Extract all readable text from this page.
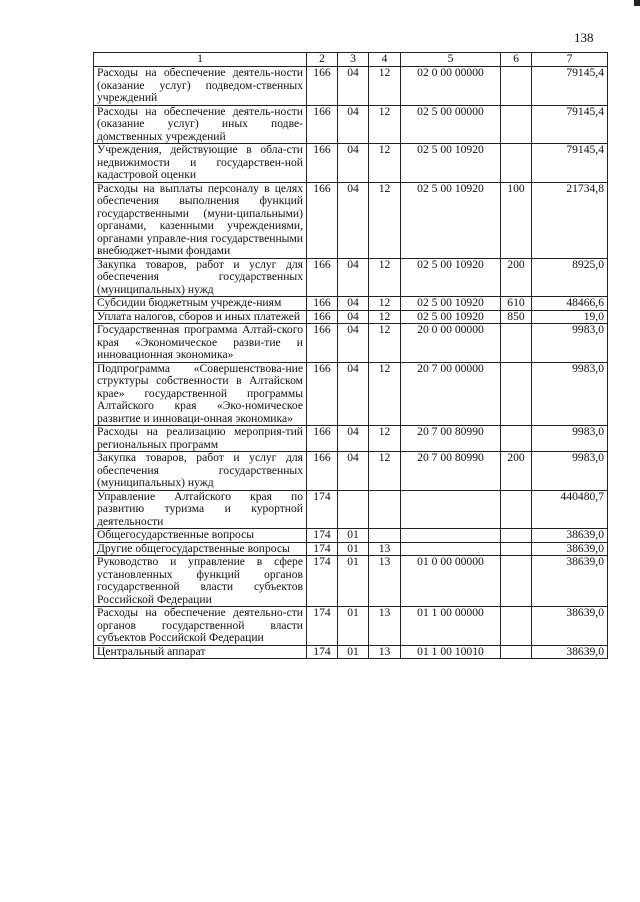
138
1	2	3	4	5	6	7
Расходы на обеспечение деятель-ности (оказание услуг) подведом-ственных учреждений	166	04	12	02 0 00 00000		79145,4
Расходы на обеспечение деятель-ности (оказание услуг) иных подве-домственных учреждений	166	04	12	02 5 00 00000		79145,4
Учреждения, действующие в обла-сти недвижимости и государствен-ной кадастровой оценки	166	04	12	02 5 00 10920		79145,4
Расходы на выплаты персоналу в целях обеспечения выполнения функций государственными (муни-ципальными) органами, казенными учреждениями, органами управле-ния государственными внебюджет-ными фондами	166	04	12	02 5 00 10920	100	21734,8
Закупка товаров, работ и услуг для обеспечения государственных (муниципальных) нужд	166	04	12	02 5 00 10920	200	8925,0
Субсидии бюджетным учрежде-ниям	166	04	12	02 5 00 10920	610	48466,6
Уплата налогов, сборов и иных платежей	166	04	12	02 5 00 10920	850	19,0
Государственная программа Алтай-ского края «Экономическое разви-тие и инновационная экономика»	166	04	12	20 0 00 00000		9983,0
Подпрограмма «Совершенствова-ние структуры собственности в Алтайском крае» государственной программы Алтайского края «Эко-номическое развитие и инноваци-онная экономика»	166	04	12	20 7 00 00000		9983,0
Расходы на реализацию мероприя-тий региональных программ	166	04	12	20 7 00 80990		9983,0
Закупка товаров, работ и услуг для обеспечения государственных (муниципальных) нужд	166	04	12	20 7 00 80990	200	9983,0
Управление Алтайского края по развитию туризма и курортной деятельности	174					440480,7
Общегосударственные вопросы	174	01				38639,0
Другие общегосударственные вопросы	174	01	13			38639,0
Руководство и управление в сфере установленных функций органов государственной власти субъектов Российской Федерации	174	01	13	01 0 00 00000		38639,0
Расходы на обеспечение деятельно-сти органов государственной власти субъектов Российской Федерации	174	01	13	01 1 00 00000		38639,0
Центральный аппарат	174	01	13	01 1 00 10010		38639,0
